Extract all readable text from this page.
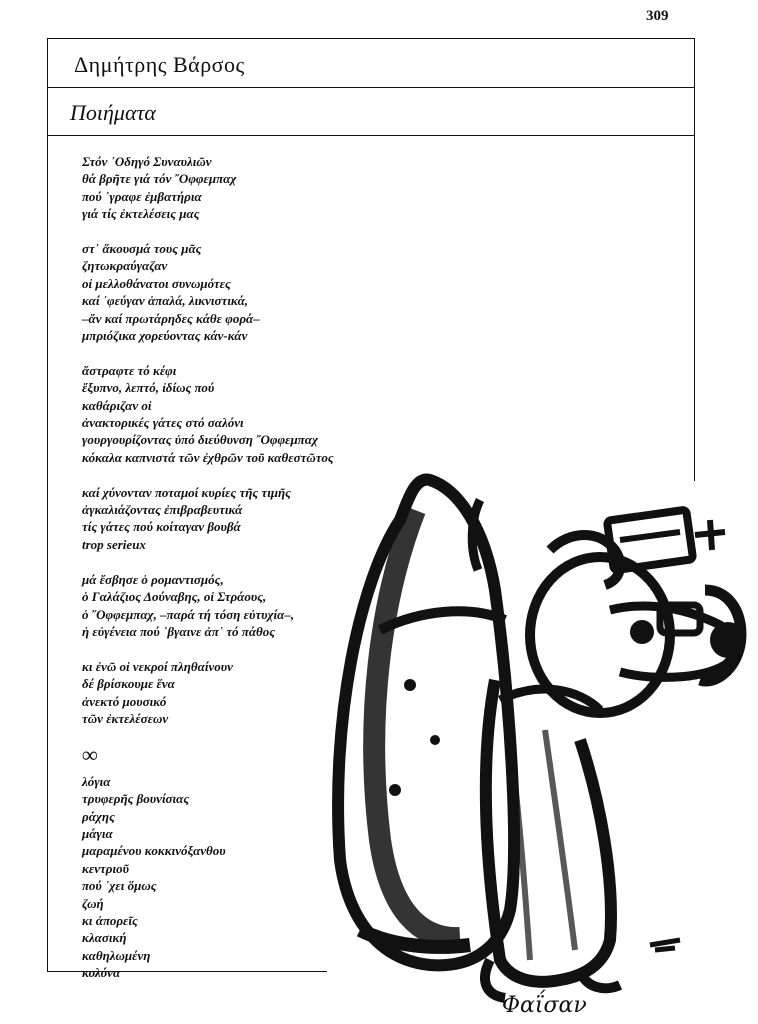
309
Δημήτρης Βάρσος
Ποιήματα
Στόν ᾿Οδηγό Συναυλιῶν
θά βρῆτε γιά τόν ῎Οφφεμπαχ
πού ᾿γραφε ἐμβατήρια
γιά τίς ἐκτελέσεις μας
στ᾿ ἄκουσμά τους μᾶς
ζητωκραύγαζαν
οἱ μελλοθάνατοι συνωμότες
καί ᾿φεύγαν ἁπαλά, λικνιστικά,
–ἄν καί πρωτάρηδες κάθε φορά–
μπριόζικα χορεύοντας κάν-κάν
ἄστραφτε τό κέφι
ἔξυπνο, λεπτό, ἰδίως πού
καθάριζαν οἱ
ἀνακτορικές γάτες στό σαλόνι
γουργουρίζοντας ὑπό διεύθυνση ῎Οφφεμπαχ
κόκαλα καπνιστά τῶν ἐχθρῶν τοῦ καθεστῶτος
καί χύνονταν ποταμοί κυρίες τῆς τιμῆς
ἀγκαλιάζοντας ἐπιβραβευτικά
τίς γάτες πού κοίταγαν βουβά
trop serieux
μά ἔσβησε ὁ ρομαντισμός,
ὁ Γαλάζιος Δούναβης, οἱ Στράους,
ὁ ῎Οφφεμπαχ, –παρά τή τόση εὐτυχία–,
ἡ εὐγένεια πού ᾿βγαινε ἀπ᾿ τό πάθος
κι ἐνῶ οἱ νεκροί πληθαίνουν
δέ βρίσκουμε ἕνα
ἀνεκτό μουσικό
τῶν ἐκτελέσεων
∞
λόγια
τρυφερῆς βουνίσιας
ράχης
μάγια
μαραμένου κοκκινόξανθου
κεντριοῦ
πού ᾿χει ὅμως
ζωή
κι ἀπορεῖς
κλασική
καθηλωμένη
κολόνα
Φαΐσαν
